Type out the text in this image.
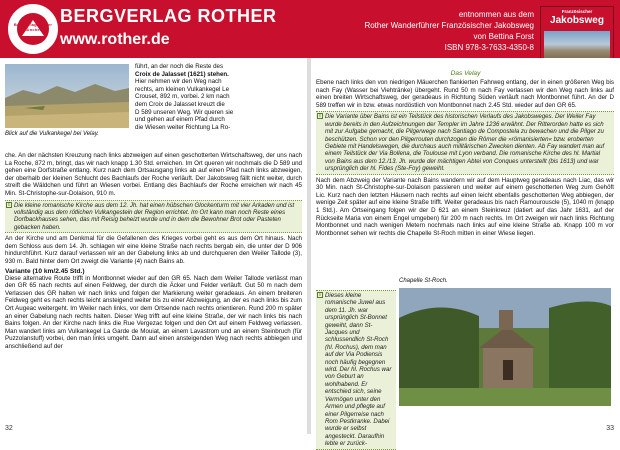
Bergverlag Rother München
BERGVERLAG ROTHER
www.rother.de
entnommen aus dem
Rother Wanderführer Französischer Jakobsweg
von Bettina Forst
ISBN 978-3-7633-4350-8
Französischer
Jakobsweg
Blick auf die Vulkankegel bei Velay.
führt, an der noch die Reste des
Croix de Jalasset (1621) stehen.
Hier nehmen wir den Weg nach
rechts, am kleinen Vulkankegel Le
Crouset, 892 m, vorbei. 2 km nach
dem Croix de Jalasset kreuzt die
D 589 unseren Weg. Wir queren sie
und gehen auf einem Pfad durch
die Wiesen weiter Richtung La Ro-

che. An der nächsten Kreuzung nach links abzweigen auf einen geschotterten Wirtschaftsweg, der uns nach La Roche, 872 m, bringt, das wir nach knapp 1.30 Std. erreichen. Im Ort queren wir nochmals die D 589 und gehen eine Dorfstraße entlang. Kurz nach dem Ortsausgang links ab auf einen Pfad nach links abzweigen, der oberhalb der kleinen Schlucht des Bachlaufs der Roche verläuft. Der Jakobsweg fällt nicht weiter, durch streift die Wäldchen und führt an Wiesen vorbei. Entlang des Bachlaufs der Roche erreichen wir nach 45 Min. St-Christophe-sur-Dolaison, 910 m.

i Die kleine romanische Kirche aus dem 12. Jh. hat einen hübschen Glockenturm mit vier Arkaden und ist vollständig aus dem rötlichen Vulkangestein der Region errichtet. Im Ort kann man noch Reste eines Dorfbackhauses sehen, das mit Reisig beheizt wurde und in dem die Bewohner Brot oder Pasteten gebacken haben.

An der Kirche und am Denkmal für die Gefallenen des Krieges vorbei geht es aus dem Ort hinaus. Nach dem Schloss aus dem 14. Jh. schlagen wir eine kleine Straße nach rechts bergab ein, die unter der D 906 hindurchführt. Kurz darauf verlassen wir an der Gabelung links ab und durchqueren den Weiler Tallode (3), 930 m. Bald hinter dem Ort zweigt die Variante (4) nach Bains ab.

Variante (10 km/2.45 Std.)

Diese alternative Route trifft in Montbonnet wieder auf den GR 65. Nach dem Weiler Tallode verlässt man den GR 65 nach rechts auf einen Feldweg, der durch die Äcker und Felder verläuft. Gut 50 m nach dem Verlassen des GR halten wir nach links und folgen der Markierung weiter geradeaus. An einem breiteren Feldweg geht es nach rechts leicht ansteigend weiter bis zu einer Abzweigung, an der es nach links bis zum Ort Augeac weitergeht. Im Weiler nach links, vor dem Ortsende nach rechts orientieren. Rund 200 m später an einer Gabelung nach rechts halten. Dieser Weg trifft auf eine kleine Straße, der wir nach links bis nach Bains folgen. An der Kirche nach links die Rue Vergezac folgen und den Ort auf einem Feldweg verlassen. Man wandert links am Vulkankegel La Garde de Mouiat, an einem Lavastrom und an einem Steinbruch (für Puzzolanstuff) vorbei, den man links umgeht. Dann auf einen ansteigenden Weg nach rechts abbiegen und anschließend auf der

32
Das Velay

Ebene nach links den von niedrigen Mäuerchen flankierten Fahrweg entlang, der in einen größeren Weg bis nach Fay (Wasser bei Viehtränke) übergeht. Rund 50 m nach Fay verlassen wir den Weg nach links auf einen breiten Wirtschaftsweg, der geradeaus in Richtung Süden verläuft nach Montbonnet führt. An der D 589 treffen wir in bzw. etwas nordöstlich von Montbonnet nach 2.45 Std. wieder auf den GR 65.

i Die Variante über Bains ist ein Teilstück des historischen Verlaufs des Jakobsweges. Der Weiler Fay wurde bereits in den Aufzeichnungen der Templer im Jahre 1236 erwähnt. Der Ritterorden hatte es sich mit zur Aufgabe gemacht, die Pilgerwege nach Santiago de Compostela zu bewachen und die Pilger zu beschützen. Schon vor den Pilgerrouten durchzogen die Römer die »römanisierten« bzw. eroberten Gebiete mit Handelswegen, die durchaus auch militärischen Zwecken dienten. Ab Fay wandert man auf einem Teilstück der Via Bollena, die Toulouse mit Lyon verband. Die romanische Kirche des hl. Martial von Bains aus dem 12./13. Jh. wurde der mächtigen Abtei von Conques unterstellt (bis 1613) und war ursprünglich der hl. Fides (Ste-Foy) geweiht.

Nach dem Abzweig der Variante nach Bains wandern wir auf dem Hauptweg geradeaus nach Liac, das wir 30 Min. nach St-Christophe-sur-Dolaison passieren und weiter auf einem geschotterten Weg zum Gehöft Lic. Kurz nach den letzten Häusern nach rechts auf einen leicht ebenfalls geschotterten Weg abbiegen, der wenige Zeit später auf eine kleine Straße trifft. Weiter geradeaus bis nach Ramourouscle (5), 1040 m (knapp 1 Std.). Am Ortseingang folgen wir der D 621 an einem Steinkreuz (datiert auf das Jahr 1631, auf der Rückseite Maria von einem Engel umgeben) für 200 m nach rechts. Im Ort zweigen wir nach links Richtung Montbonnet und nach wenigen Metern nochmals nach links auf eine kleine Straße ab. Knapp 100 m vor Montbonnet sehen wir rechts die Chapelle St-Roch mitten in einer Wiese liegen.

i Dieses kleine romanische Juwel aus dem 11. Jh. war ursprünglich St-Bonnet geweiht, dann St-Jacques und schlussendlich St-Roch (hl. Rochus), dem man auf der Via Podiensis noch häufig begegnen wird. Der hl. Rochus war von Geburt an wohlhabend. Er entschied sich, seine Vermögen unter den Armen und pflegte auf einer Pilgerreise nach Rom Pestkranke. Dabei wurde er selbst angesteckt. Daraufhin lebte er zurück-
Chapelle St-Roch.
33
